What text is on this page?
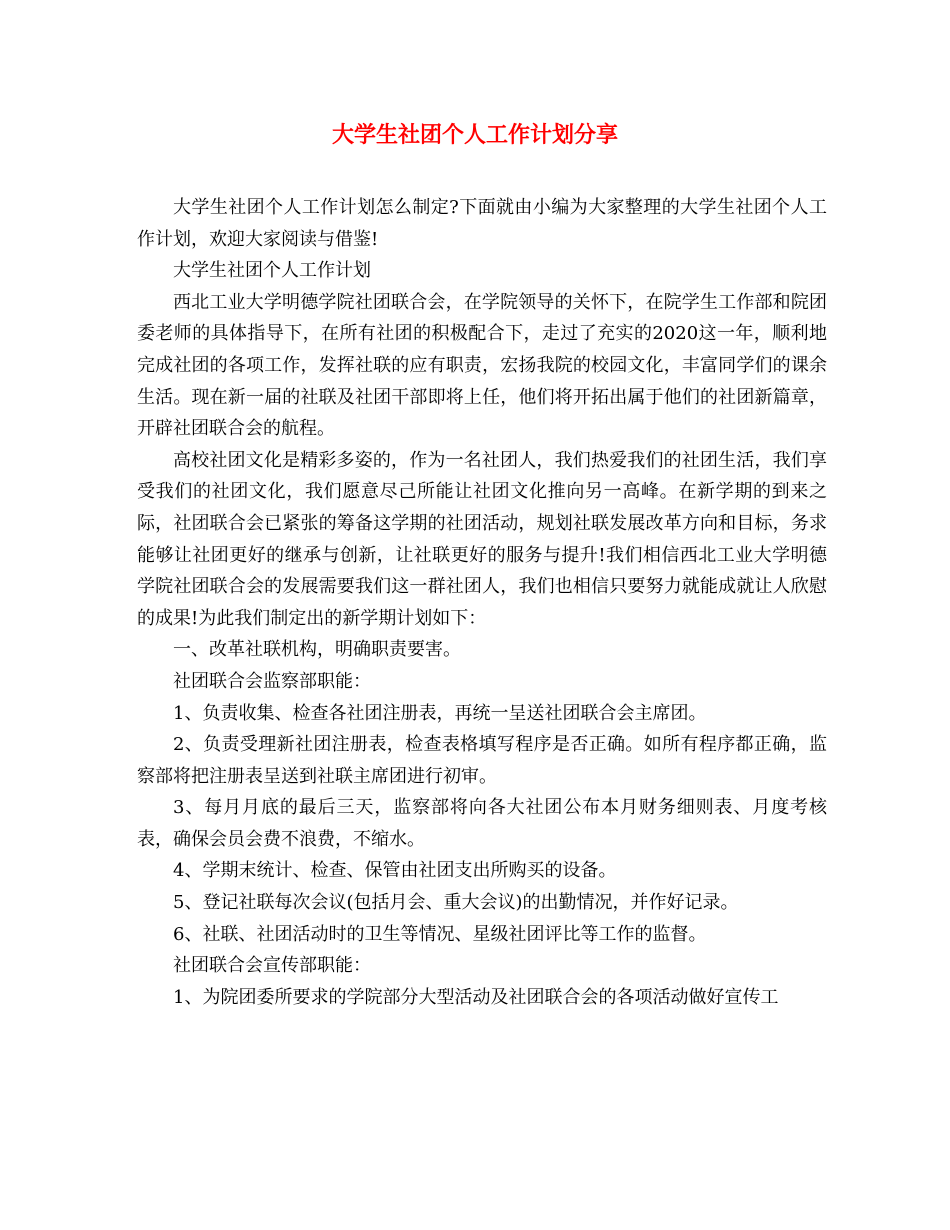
大学生社团个人工作计划分享

大学生社团个人工作计划怎么制定?下面就由小编为大家整理的大学生社团个人工作计划，欢迎大家阅读与借鉴!

大学生社团个人工作计划

西北工业大学明德学院社团联合会，在学院领导的关怀下，在院学生工作部和院团委老师的具体指导下，在所有社团的积极配合下，走过了充实的2020这一年，顺利地完成社团的各项工作，发挥社联的应有职责，宏扬我院的校园文化，丰富同学们的课余生活。现在新一届的社联及社团干部即将上任，他们将开拓出属于他们的社团新篇章，开辟社团联合会的航程。

高校社团文化是精彩多姿的，作为一名社团人，我们热爱我们的社团生活，我们享受我们的社团文化，我们愿意尽己所能让社团文化推向另一高峰。在新学期的到来之际，社团联合会已紧张的筹备这学期的社团活动，规划社联发展改革方向和目标，务求能够让社团更好的继承与创新，让社联更好的服务与提升!我们相信西北工业大学明德学院社团联合会的发展需要我们这一群社团人，我们也相信只要努力就能成就让人欣慰的成果!为此我们制定出的新学期计划如下：

一、改革社联机构，明确职责要害。

社团联合会监察部职能：

1、负责收集、检查各社团注册表，再统一呈送社团联合会主席团。

2、负责受理新社团注册表，检查表格填写程序是否正确。如所有程序都正确，监察部将把注册表呈送到社联主席团进行初审。

3、每月月底的最后三天，监察部将向各大社团公布本月财务细则表、月度考核表，确保会员会费不浪费，不缩水。

4、学期末统计、检查、保管由社团支出所购买的设备。

5、登记社联每次会议(包括月会、重大会议)的出勤情况，并作好记录。

6、社联、社团活动时的卫生等情况、星级社团评比等工作的监督。

社团联合会宣传部职能：

1、为院团委所要求的学院部分大型活动及社团联合会的各项活动做好宣传工
